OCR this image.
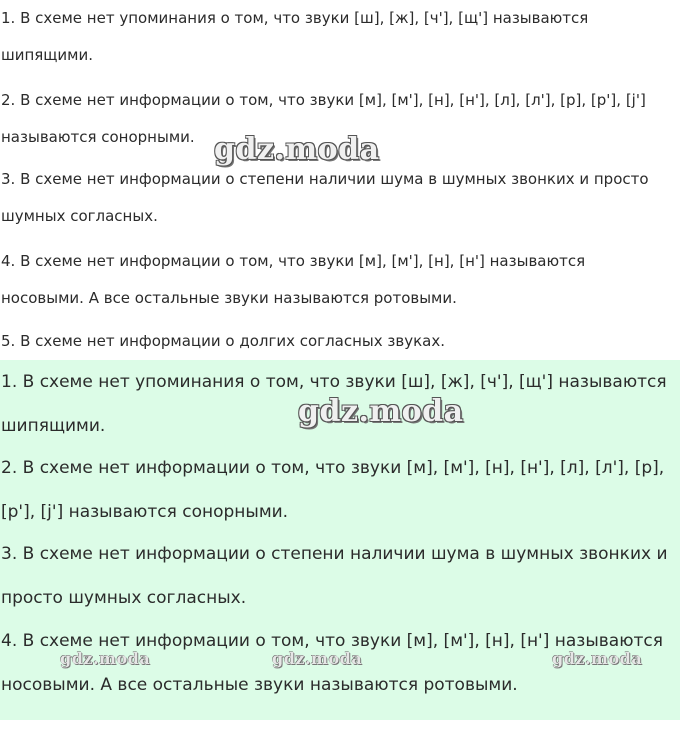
1. В схеме нет упоминания о том, что звуки [ш], [ж], [ч'], [щ'] называются шипящими.

2. В схеме нет информации о том, что звуки [м], [м'], [н], [н'], [л], [л'], [р], [р'], [j'] называются сонорными.

3. В схеме нет информации о степени наличии шума в шумных звонких и просто шумных согласных.

4. В схеме нет информации о том, что звуки [м], [м'], [н], [н'] называются носовыми. А все остальные звуки называются ротовыми.

5. В схеме нет информации о долгих согласных звуках.

1. В схеме нет упоминания о том, что звуки [ш], [ж], [ч'], [щ'] называются шипящими.

2. В схеме нет информации о том, что звуки [м], [м'], [н], [н'], [л], [л'], [р], [р'], [j'] называются сонорными.

3. В схеме нет информации о степени наличии шума в шумных звонких и просто шумных согласных.

4. В схеме нет информации о том, что звуки [м], [м'], [н], [н'] называются носовыми. А все остальные звуки называются ротовыми.

gdz.moda
gdz.moda
gdz.moda	gdz.moda	gdz.moda
